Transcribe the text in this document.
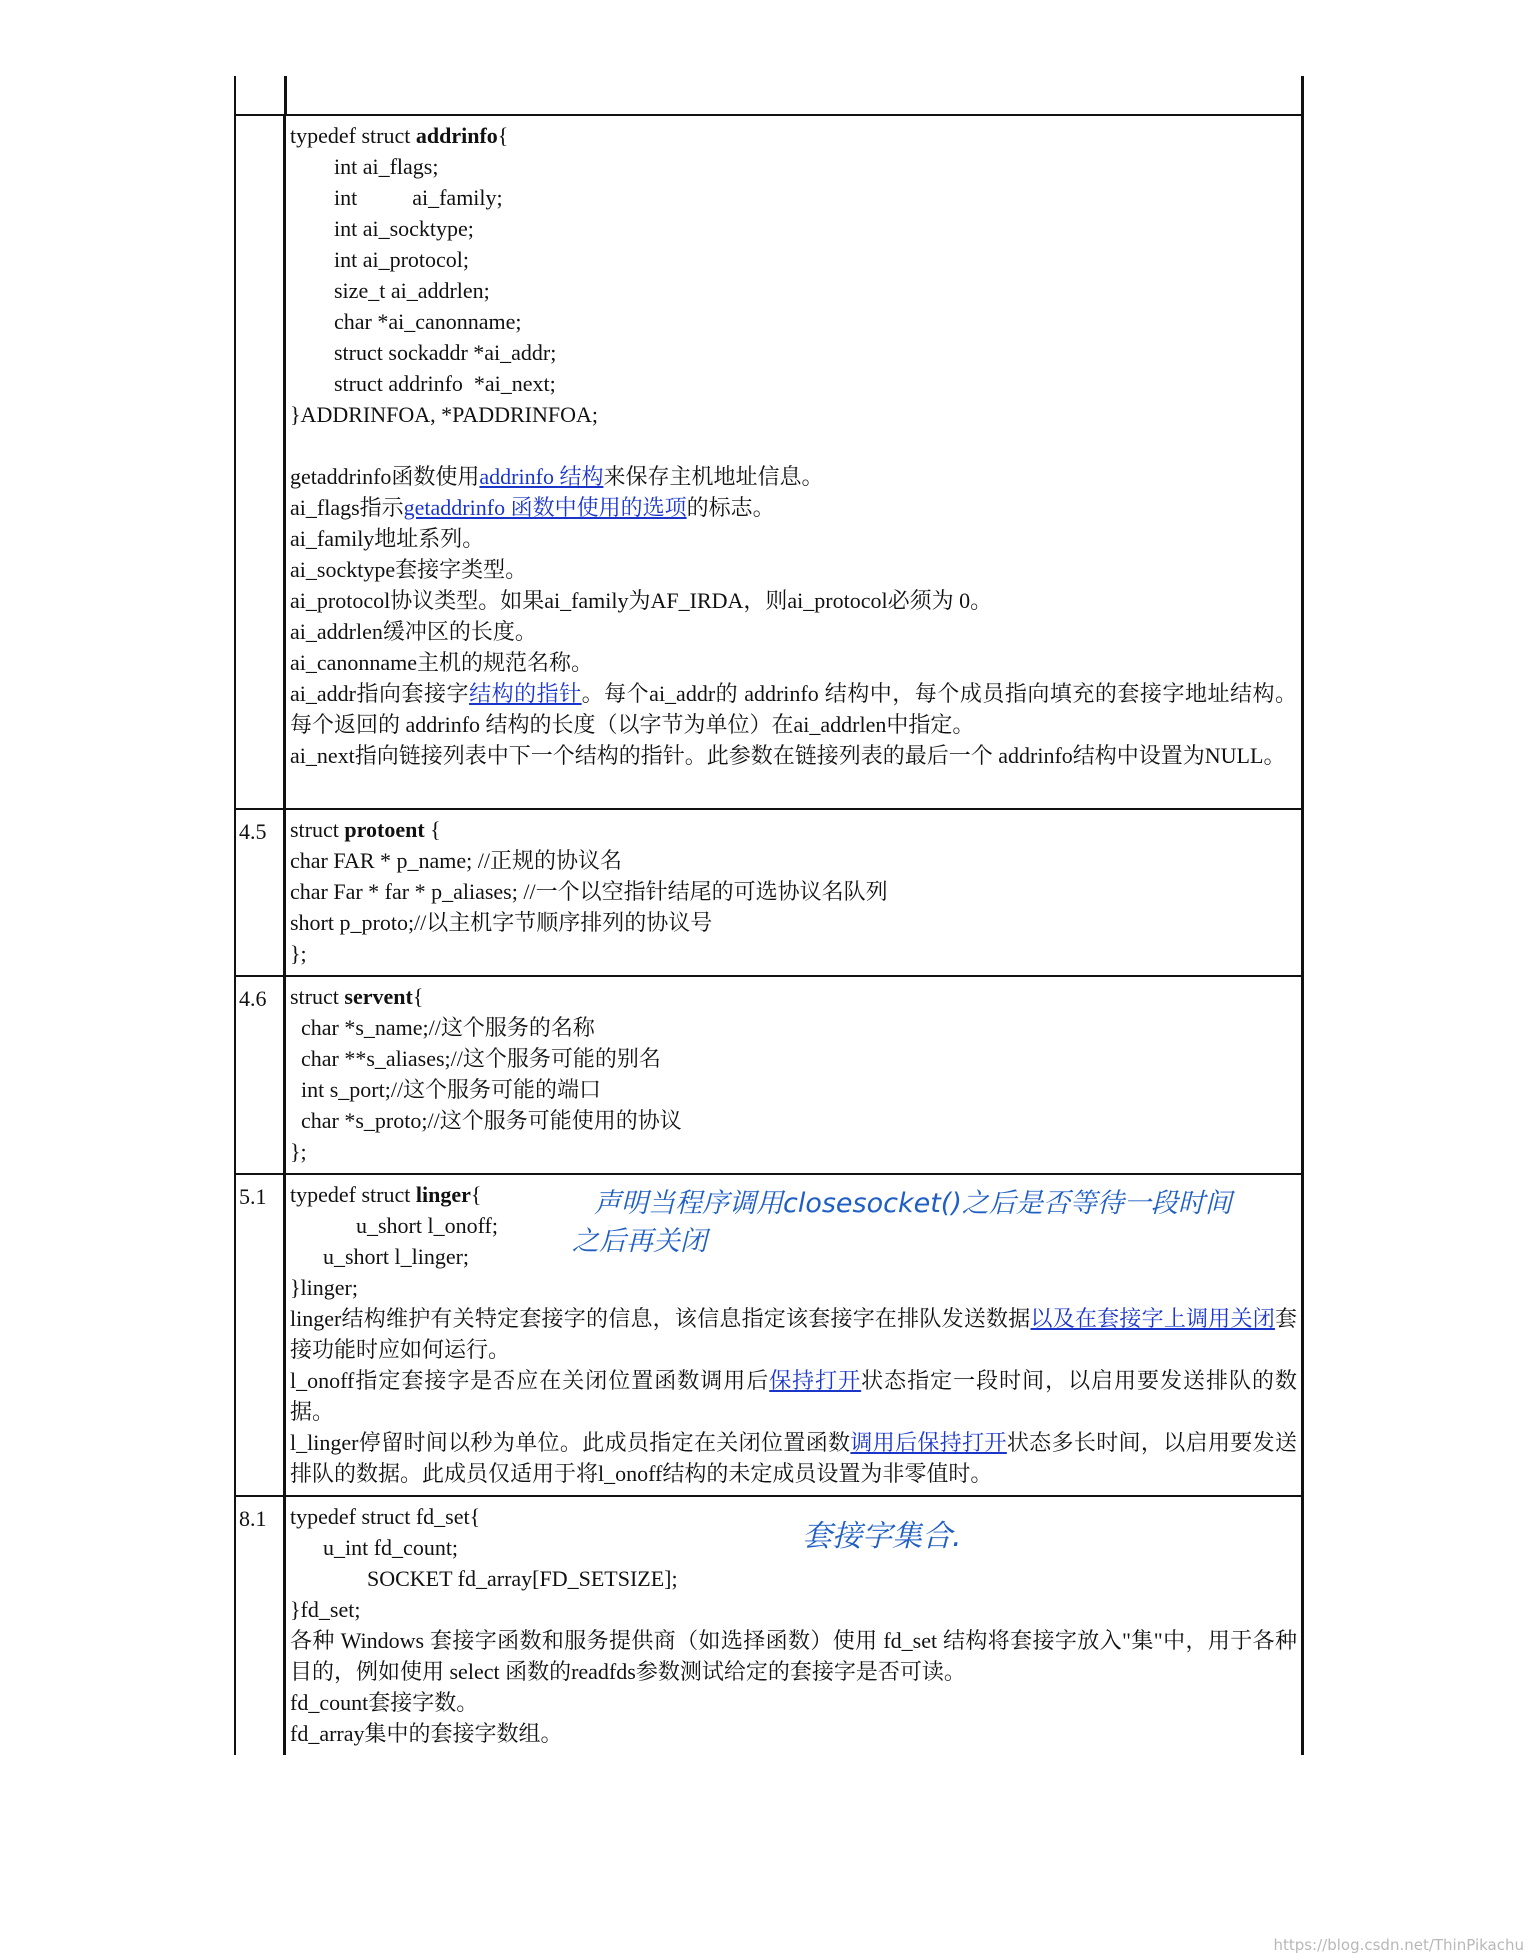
typedef struct addrinfo{
int ai_flags;
int          ai_family;
int ai_socktype;
int ai_protocol;
size_t ai_addrlen;
char *ai_canonname;
struct sockaddr *ai_addr;
struct addrinfo  *ai_next;
}ADDRINFOA, *PADDRINFOA;
getaddrinfo函数使用addrinfo 结构来保存主机地址信息。
ai_flags指示getaddrinfo 函数中使用的选项的标志。
ai_family地址系列。
ai_socktype套接字类型。
ai_protocol协议类型。如果ai_family为AF_IRDA，则ai_protocol必须为 0。
ai_addrlen缓冲区的长度。
ai_canonname主机的规范名称。
ai_addr指向套接字结构的指针。每个ai_addr的 addrinfo 结构中，每个成员指向填充的套接字地址结构。每个返回的 addrinfo 结构的长度（以字节为单位）在ai_addrlen中指定。
ai_next指向链接列表中下一个结构的指针。此参数在链接列表的最后一个 addrinfo结构中设置为NULL。
4.5	struct protoent {
char FAR * p_name; //正规的协议名
char Far * far * p_aliases; //一个以空指针结尾的可选协议名队列
short p_proto;//以主机字节顺序排列的协议号
};
4.6	struct servent{
char *s_name;//这个服务的名称
char **s_aliases;//这个服务可能的别名
int s_port;//这个服务可能的端口
char *s_proto;//这个服务可能使用的协议
};
5.1	typedef struct linger{
u_short l_onoff;
u_short l_linger;
}linger;
linger结构维护有关特定套接字的信息，该信息指定该套接字在排队发送数据以及在套接字上调用关闭套接功能时应如何运行。
l_onoff指定套接字是否应在关闭位置函数调用后保持打开状态指定一段时间，以启用要发送排队的数据。
l_linger停留时间以秒为单位。此成员指定在关闭位置函数调用后保持打开状态多长时间，以启用要发送排队的数据。此成员仅适用于将l_onoff结构的未定成员设置为非零值时。
声明当程序调用closesocket()之后是否等待一段时间
之后再关闭
8.1	typedef struct fd_set{
u_int fd_count;
SOCKET fd_array[FD_SETSIZE];
}fd_set;
各种 Windows 套接字函数和服务提供商（如选择函数）使用 fd_set 结构将套接字放入"集"中，用于各种目的，例如使用 select 函数的readfds参数测试给定的套接字是否可读。
fd_count套接字数。
fd_array集中的套接字数组。
套接字集合.
https://blog.csdn.net/ThinPikachu
